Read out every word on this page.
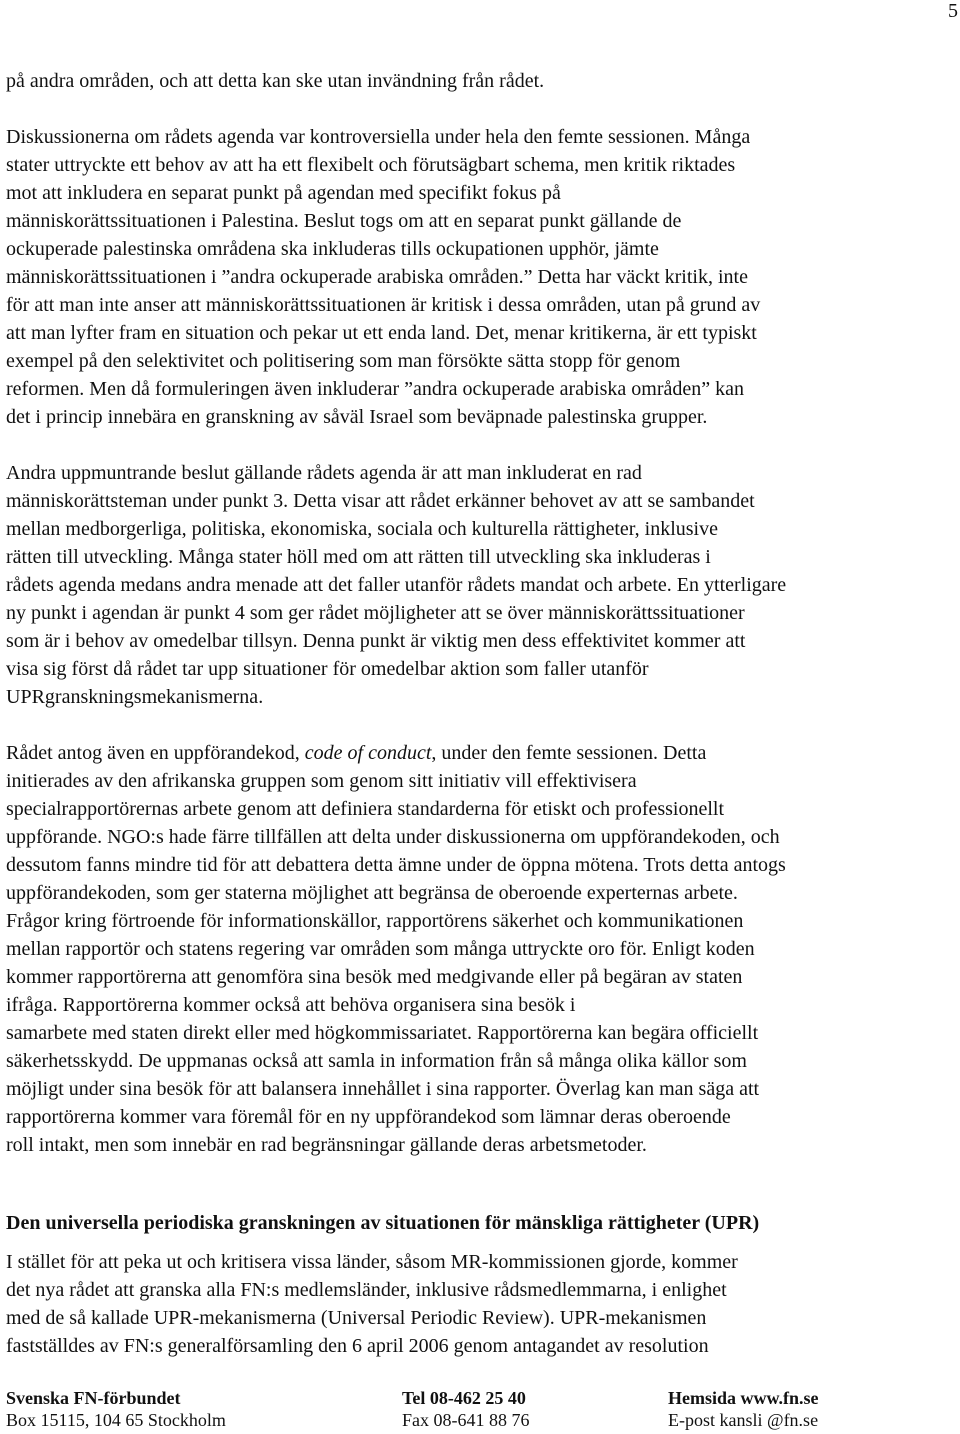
5

på andra områden, och att detta kan ske utan invändning från rådet.

Diskussionerna om rådets agenda var kontroversiella under hela den femte sessionen. Många
stater uttryckte ett behov av att ha ett flexibelt och förutsägbart schema, men kritik riktades
mot att inkludera en separat punkt på agendan med specifikt fokus på
människorättssituationen i Palestina. Beslut togs om att en separat punkt gällande de
ockuperade palestinska områdena ska inkluderas tills ockupationen upphör, jämte
människorättssituationen i ”andra ockuperade arabiska områden.” Detta har väckt kritik, inte
för att man inte anser att människorättssituationen är kritisk i dessa områden, utan på grund av
att man lyfter fram en situation och pekar ut ett enda land. Det, menar kritikerna, är ett typiskt
exempel på den selektivitet och politisering som man försökte sätta stopp för genom
reformen. Men då formuleringen även inkluderar ”andra ockuperade arabiska områden” kan
det i princip innebära en granskning av såväl Israel som beväpnade palestinska grupper.

Andra uppmuntrande beslut gällande rådets agenda är att man inkluderat en rad
människorättsteman under punkt 3. Detta visar att rådet erkänner behovet av att se sambandet
mellan medborgerliga, politiska, ekonomiska, sociala och kulturella rättigheter, inklusive
rätten till utveckling. Många stater höll med om att rätten till utveckling ska inkluderas i
rådets agenda medans andra menade att det faller utanför rådets mandat och arbete. En ytterligare
ny punkt i agendan är punkt 4 som ger rådet möjligheter att se över människorättssituationer
som är i behov av omedelbar tillsyn. Denna punkt är viktig men dess effektivitet kommer att
visa sig först då rådet tar upp situationer för omedelbar aktion som faller utanför
UPRgranskningsmekanismerna.

Rådet antog även en uppförandekod, code of conduct, under den femte sessionen. Detta
initierades av den afrikanska gruppen som genom sitt initiativ vill effektivisera
specialrapportörernas arbete genom att definiera standarderna för etiskt och professionellt
uppförande. NGO:s hade färre tillfällen att delta under diskussionerna om uppförandekoden, och
dessutom fanns mindre tid för att debattera detta ämne under de öppna mötena. Trots detta antogs
uppförandekoden, som ger staterna möjlighet att begränsa de oberoende experternas arbete.
Frågor kring förtroende för informationskällor, rapportörens säkerhet och kommunikationen
mellan rapportör och statens regering var områden som många uttryckte oro för. Enligt koden
kommer rapportörerna att genomföra sina besök med medgivande eller på begäran av staten
ifråga. Rapportörerna kommer också att behöva organisera sina besök i
samarbete med staten direkt eller med högkommissariatet. Rapportörerna kan begära officiellt
säkerhetsskydd. De uppmanas också att samla in information från så många olika källor som
möjligt under sina besök för att balansera innehållet i sina rapporter. Överlag kan man säga att
rapportörerna kommer vara föremål för en ny uppförandekod som lämnar deras oberoende
roll intakt, men som innebär en rad begränsningar gällande deras arbetsmetoder.

Den universella periodiska granskningen av situationen för mänskliga rättigheter (UPR)

I stället för att peka ut och kritisera vissa länder, såsom MR-kommissionen gjorde, kommer
det nya rådet att granska alla FN:s medlemsländer, inklusive rådsmedlemmarna, i enlighet
med de så kallade UPR-mekanismerna (Universal Periodic Review). UPR-mekanismen
fastställdes av FN:s generalförsamling den 6 april 2006 genom antagandet av resolution

Svenska FN-förbundet
Box 15115, 104 65 Stockholm
Tel 08-462 25 40
Fax 08-641 88 76
Hemsida www.fn.se
E-post kansli @fn.se
